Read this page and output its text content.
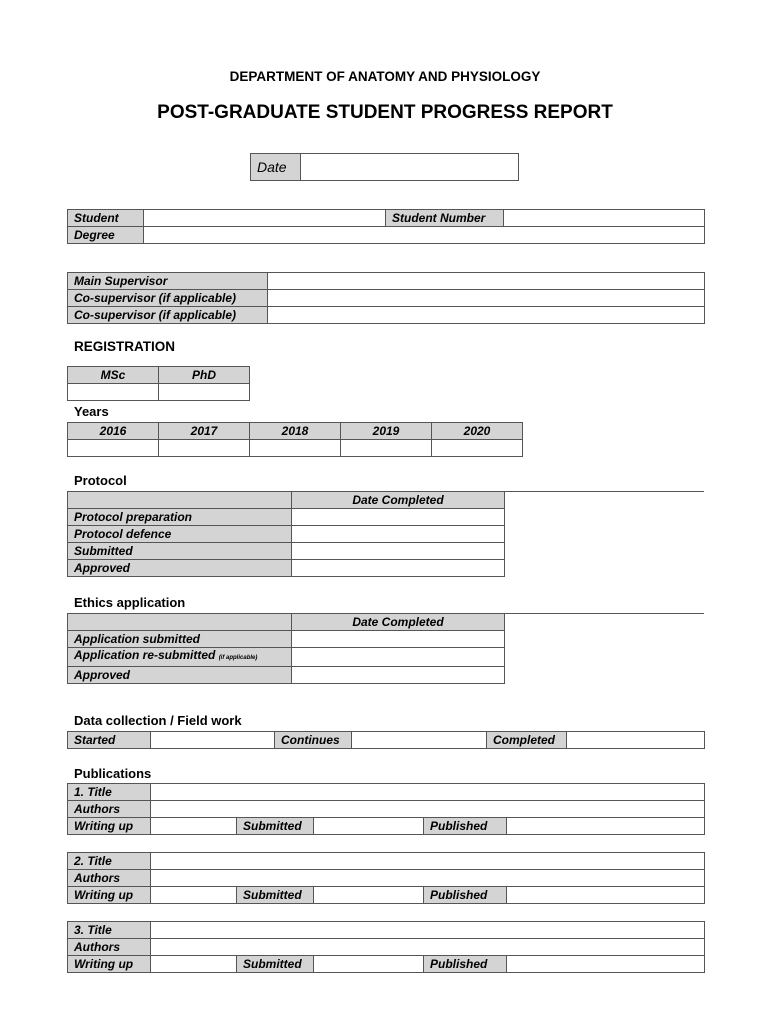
DEPARTMENT OF ANATOMY AND PHYSIOLOGY
POST-GRADUATE STUDENT PROGRESS REPORT
Date	
Student		Student Number	
Degree			
Main Supervisor	
Co-supervisor (if applicable)	
Co-supervisor (if applicable)	
REGISTRATION
MSc	PhD

Years
2016	2017	2018	2019	2020

Protocol
	Date Completed
Protocol preparation	
Protocol defence	
Submitted	
Approved	
Ethics application
	Date Completed
Application submitted	
Application re-submitted (if applicable)	
Approved	
Data collection / Field work
Started		Continues		Completed	
Publications
1. Title					
Authors					
Writing up		Submitted		Published	
2. Title					
Authors					
Writing up		Submitted		Published	
3. Title					
Authors					
Writing up		Submitted		Published	
